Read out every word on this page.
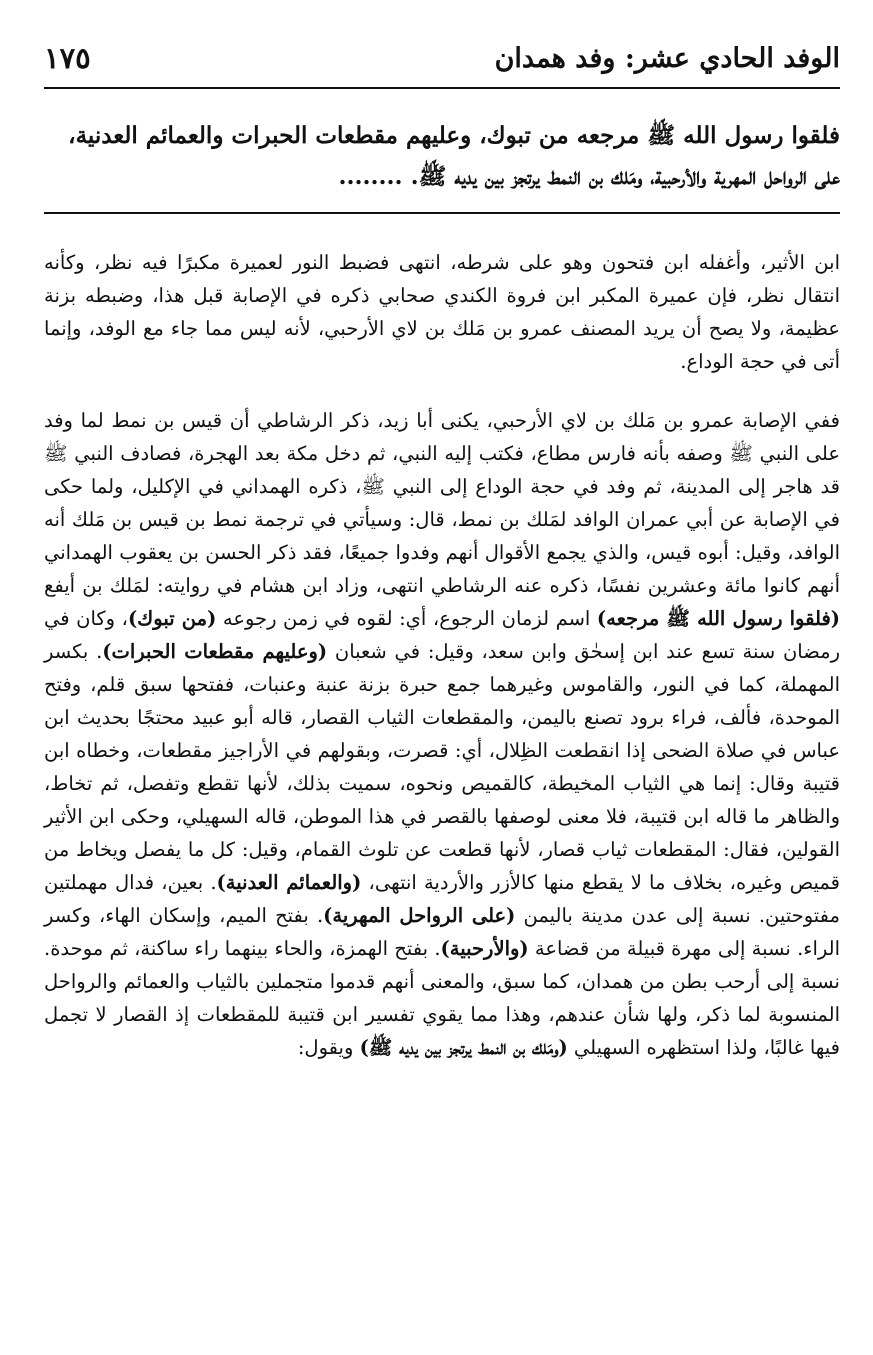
الوفد الحادي عشر: وفد همدان
١٧٥

فلقوا رسول الله ﷺ مرجعه من تبوك، وعليهم مقطعات الحبرات والعمائم العدنية،

على الرواحل المهرية والأرحبية، ومَلك بن النمط يرتجز بين يديه ﷺ. ........

ابن الأثير، وأغفله ابن فتحون وهو على شرطه، انتهى فضبط النور لعميرة مكبرًا فيه نظر، وكأنه انتقال نظر، فإن عميرة المكبر ابن فروة الكندي صحابي ذكره في الإصابة قبل هذا، وضبطه بزنة عظيمة، ولا يصح أن يريد المصنف عمرو بن مَلك بن لاي الأرحبي، لأنه ليس مما جاء مع الوفد، وإنما أتى في حجة الوداع.

ففي الإصابة عمرو بن مَلك بن لاي الأرحبي، يكنى أبا زيد، ذكر الرشاطي أن قيس بن نمط لما وفد على النبي ﷺ وصفه بأنه فارس مطاع، فكتب إليه النبي، ثم دخل مكة بعد الهجرة، فصادف النبي ﷺ قد هاجر إلى المدينة، ثم وفد في حجة الوداع إلى النبي ﷺ، ذكره الهمداني في الإكليل، ولما حكى في الإصابة عن أبي عمران الوافد لمَلك بن نمط، قال: وسيأتي في ترجمة نمط بن قيس بن مَلك أنه الوافد، وقيل: أبوه قيس، والذي يجمع الأقوال أنهم وفدوا جميعًا، فقد ذكر الحسن بن يعقوب الهمداني أنهم كانوا مائة وعشرين نفسًا، ذكره عنه الرشاطي انتهى، وزاد ابن هشام في روايته: لمَلك بن أيفع (فلقوا رسول الله ﷺ مرجعه) اسم لزمان الرجوع، أي: لقوه في زمن رجوعه (من تبوك)، وكان في رمضان سنة تسع عند ابن إسحٰق وابن سعد، وقيل: في شعبان (وعليهم مقطعات الحبرات). بكسر المهملة، كما في النور، والقاموس وغيرهما جمع حبرة بزنة عنبة وعنبات، ففتحها سبق قلم، وفتح الموحدة، فألف، فراء برود تصنع باليمن، والمقطعات الثياب القصار، قاله أبو عبيد محتجًا بحديث ابن عباس في صلاة الضحى إذا انقطعت الظِلال، أي: قصرت، وبقولهم في الأراجيز مقطعات، وخطاه ابن قتيبة وقال: إنما هي الثياب المخيطة، كالقميص ونحوه، سميت بذلك، لأنها تقطع وتفصل، ثم تخاط، والظاهر ما قاله ابن قتيبة، فلا معنى لوصفها بالقصر في هذا الموطن، قاله السهيلي، وحكى ابن الأثير القولين، فقال: المقطعات ثياب قصار، لأنها قطعت عن تلوث القمام، وقيل: كل ما يفصل ويخاط من قميص وغيره، بخلاف ما لا يقطع منها كالأزر والأردية انتهى، (والعمائم العدنية). بعين، فدال مهملتين مفتوحتين. نسبة إلى عدن مدينة باليمن (على الرواحل المهرية). بفتح الميم، وإسكان الهاء، وكسر الراء. نسبة إلى مهرة قبيلة من قضاعة (والأرحبية). بفتح الهمزة، والحاء بينهما راء ساكنة، ثم موحدة. نسبة إلى أرحب بطن من همدان، كما سبق، والمعنى أنهم قدموا متجملين بالثياب والعمائم والرواحل المنسوبة لما ذكر، ولها شأن عندهم، وهذا مما يقوي تفسير ابن قتيبة للمقطعات إذ القصار لا تجمل فيها غالبًا، ولذا استظهره السهيلي (ومَلك بن النمط يرتجز بين يديه ﷺ) ويقول:
